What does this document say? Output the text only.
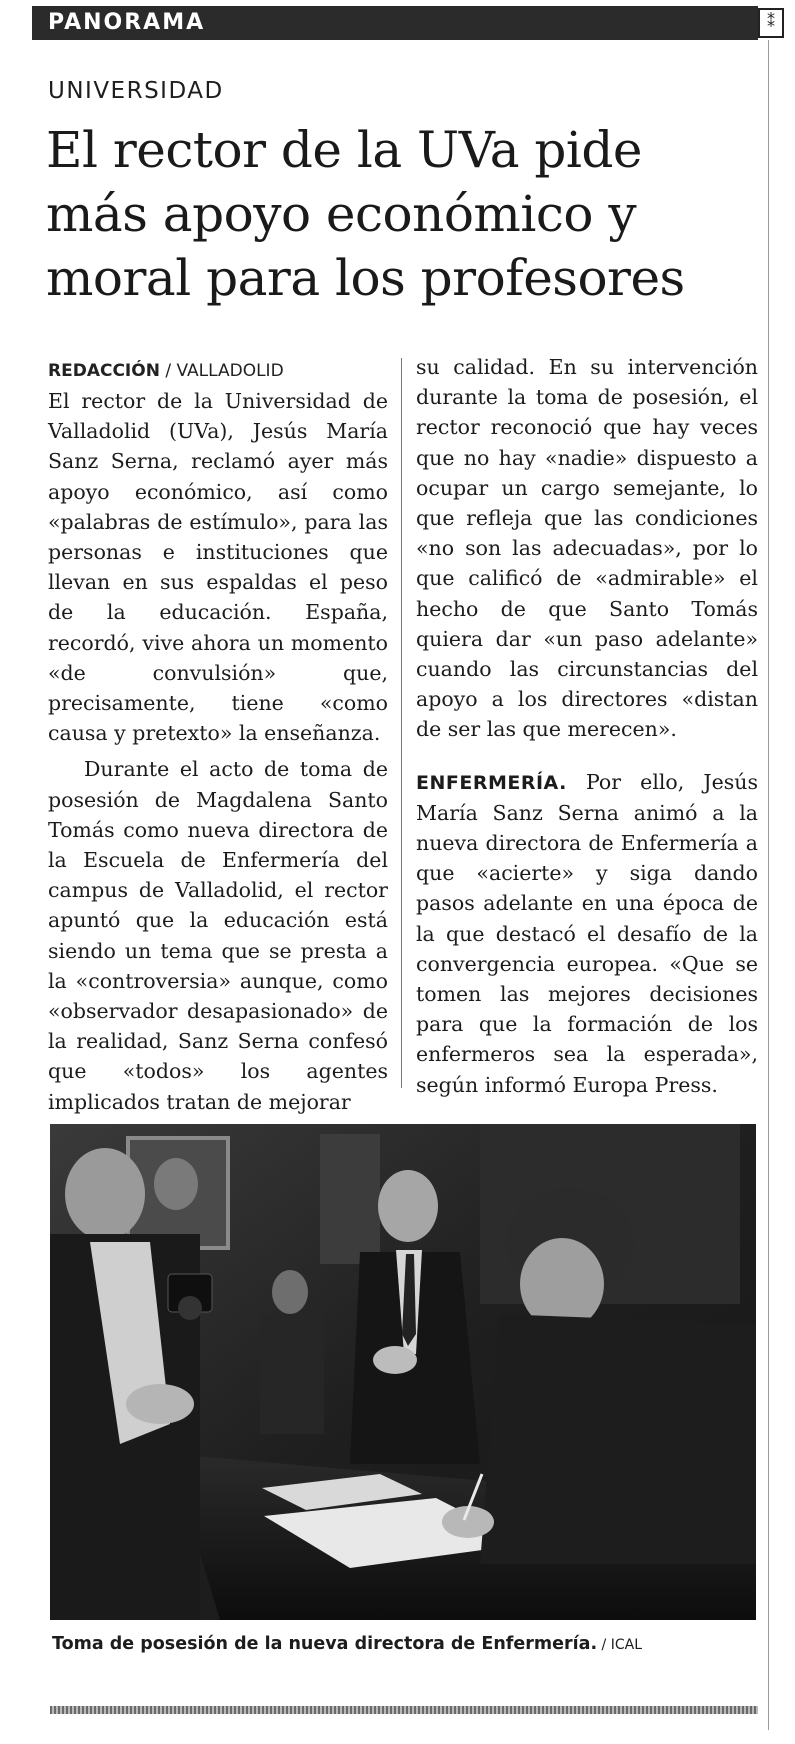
PANORAMA	⁑
UNIVERSIDAD
El rector de la UVa pide más apoyo económico y moral para los profesores
REDACCIÓN / VALLADOLID

El rector de la Universidad de Valladolid (UVa), Jesús María Sanz Serna, reclamó ayer más apoyo económico, así como «palabras de estímulo», para las personas e instituciones que llevan en sus espaldas el peso de la educación. España, recordó, vive ahora un momento «de convulsión» que, precisamente, tiene «como causa y pretexto» la enseñanza.

Durante el acto de toma de posesión de Magdalena Santo Tomás como nueva directora de la Escuela de Enfermería del campus de Valladolid, el rector apuntó que la educación está siendo un tema que se presta a la «controversia» aunque, como «observador desapasionado» de la realidad, Sanz Serna confesó que «todos» los agentes implicados tratan de mejorar

su calidad. En su intervención durante la toma de posesión, el rector reconoció que hay veces que no hay «nadie» dispuesto a ocupar un cargo semejante, lo que refleja que las condiciones «no son las adecuadas», por lo que calificó de «admirable» el hecho de que Santo Tomás quiera dar «un paso adelante» cuando las circunstancias del apoyo a los directores «distan de ser las que merecen».

ENFERMERÍA. Por ello, Jesús María Sanz Serna animó a la nueva directora de Enfermería a que «acierte» y siga dando pasos adelante en una época de la que destacó el desafío de la convergencia europea. «Que se tomen las mejores decisiones para que la formación de los enfermeros sea la esperada», según informó Europa Press.

Toma de posesión de la nueva directora de Enfermería. / ICAL
